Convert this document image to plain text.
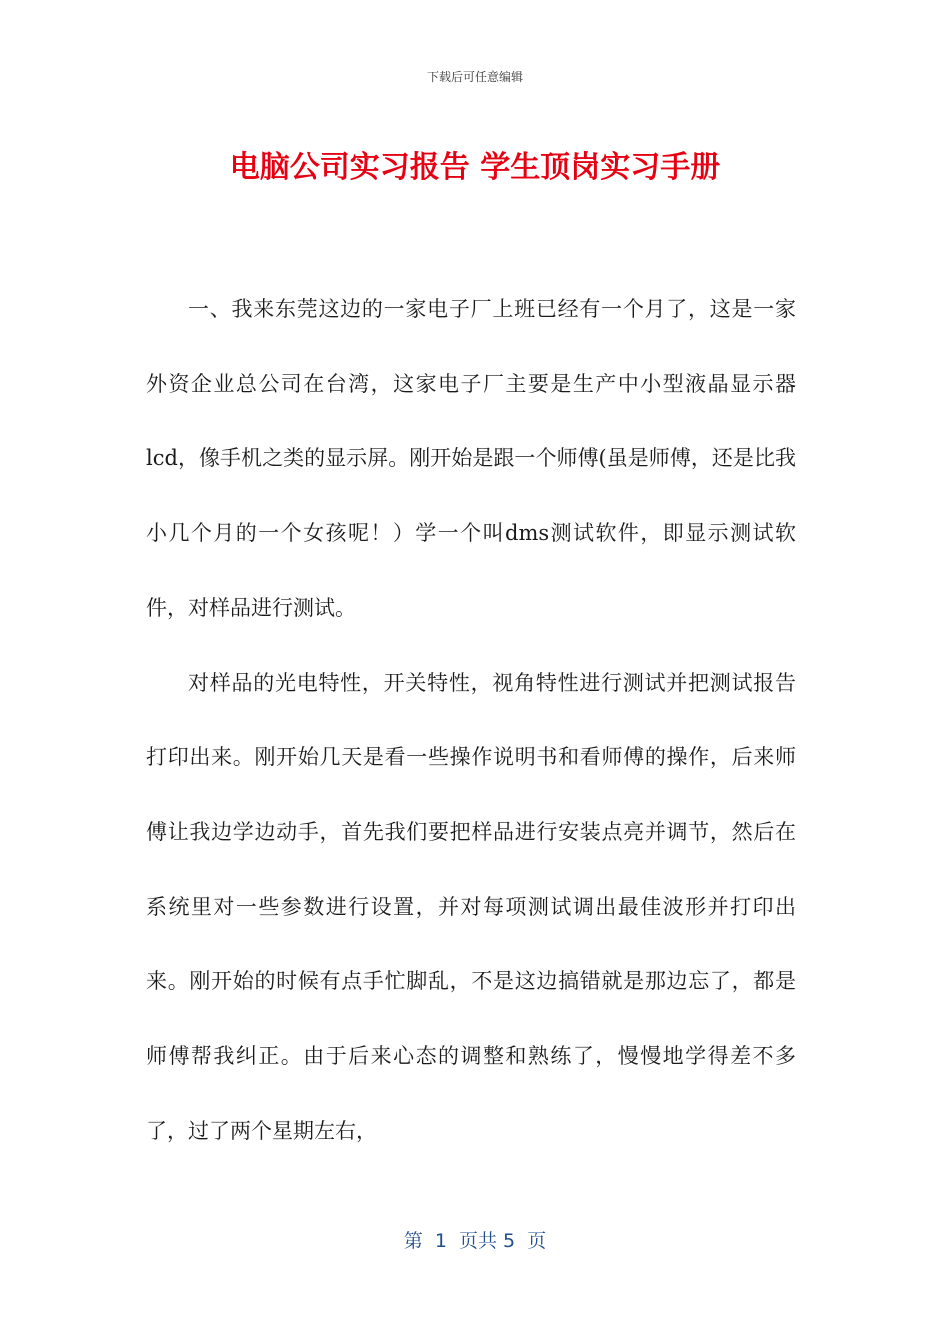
下载后可任意编辑
电脑公司实习报告 学生顶岗实习手册

一、我来东莞这边的一家电子厂上班已经有一个月了，这是一家外资企业总公司在台湾，这家电子厂主要是生产中小型液晶显示器lcd，像手机之类的显示屏。刚开始是跟一个师傅(虽是师傅，还是比我小几个月的一个女孩呢！）学一个叫dms测试软件，即显示测试软件，对样品进行测试。

对样品的光电特性，开关特性，视角特性进行测试并把测试报告打印出来。刚开始几天是看一些操作说明书和看师傅的操作，后来师傅让我边学边动手，首先我们要把样品进行安装点亮并调节，然后在系统里对一些参数进行设置，并对每项测试调出最佳波形并打印出来。刚开始的时候有点手忙脚乱，不是这边搞错就是那边忘了，都是师傅帮我纠正。由于后来心态的调整和熟练了，慢慢地学得差不多了，过了两个星期左右，

第  1  页共 5  页
